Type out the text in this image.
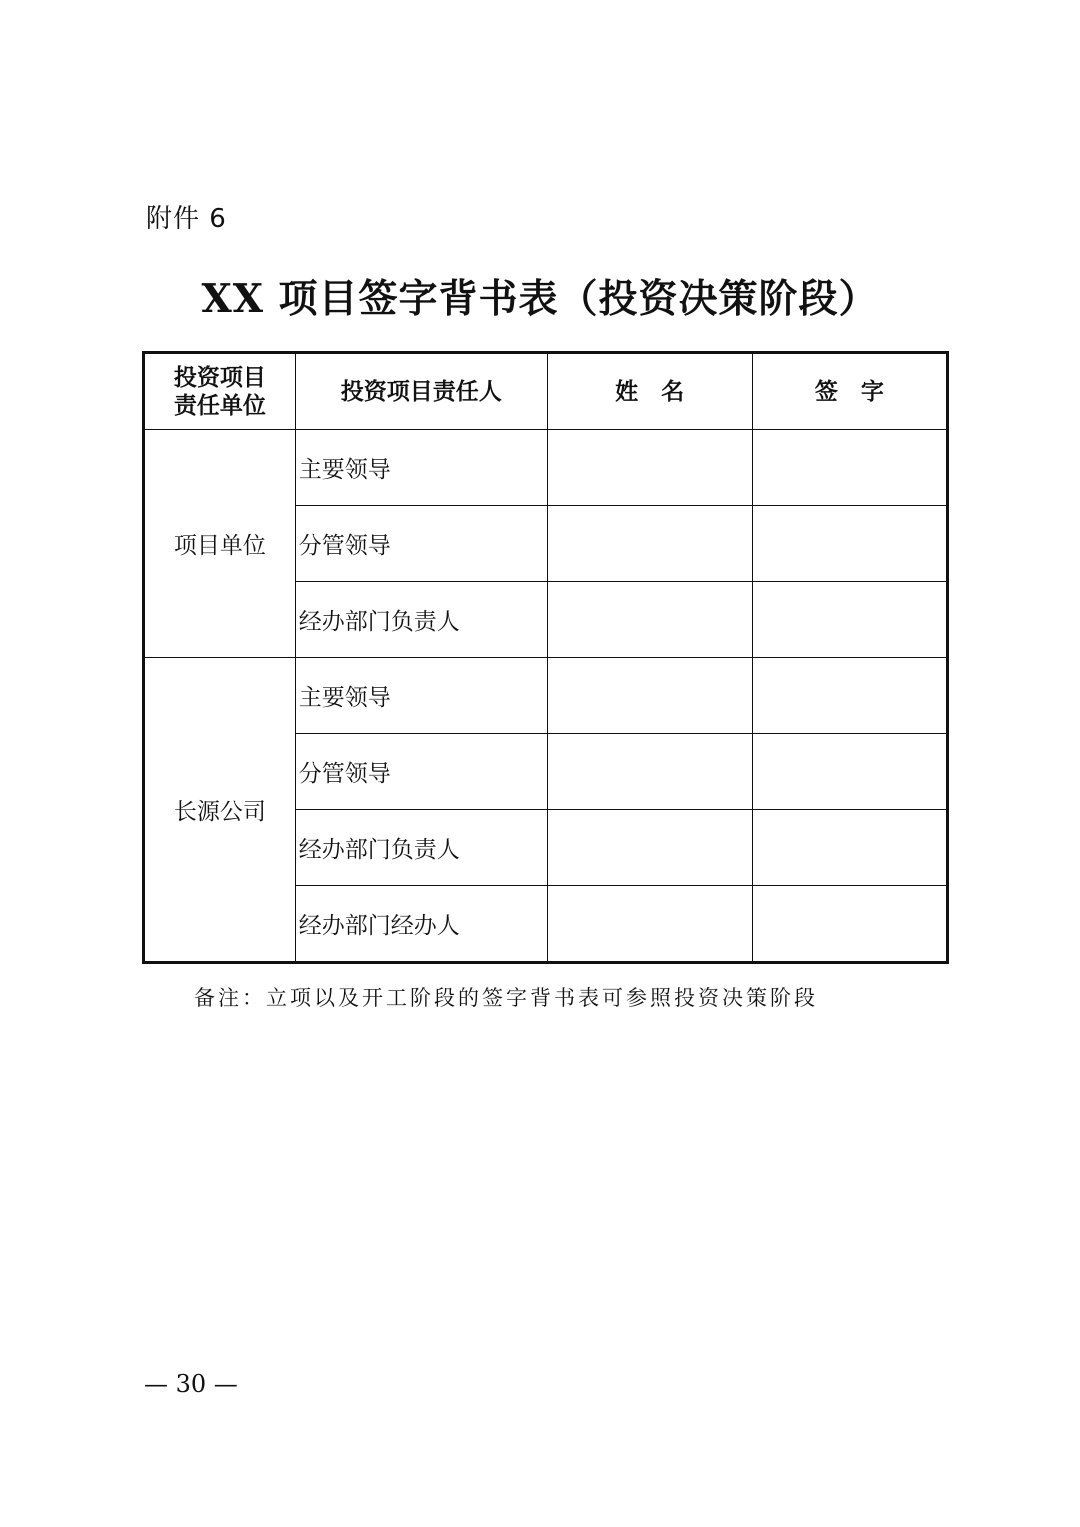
附件 6
XX 项目签字背书表（投资决策阶段）
投资项目责任单位	投资项目责任人	姓　名	签　字
项目单位	主要领导		
	分管领导		
	经办部门负责人		
长源公司	主要领导		
	分管领导		
	经办部门负责人		
	经办部门经办人		
备注：立项以及开工阶段的签字背书表可参照投资决策阶段
— 30 —
